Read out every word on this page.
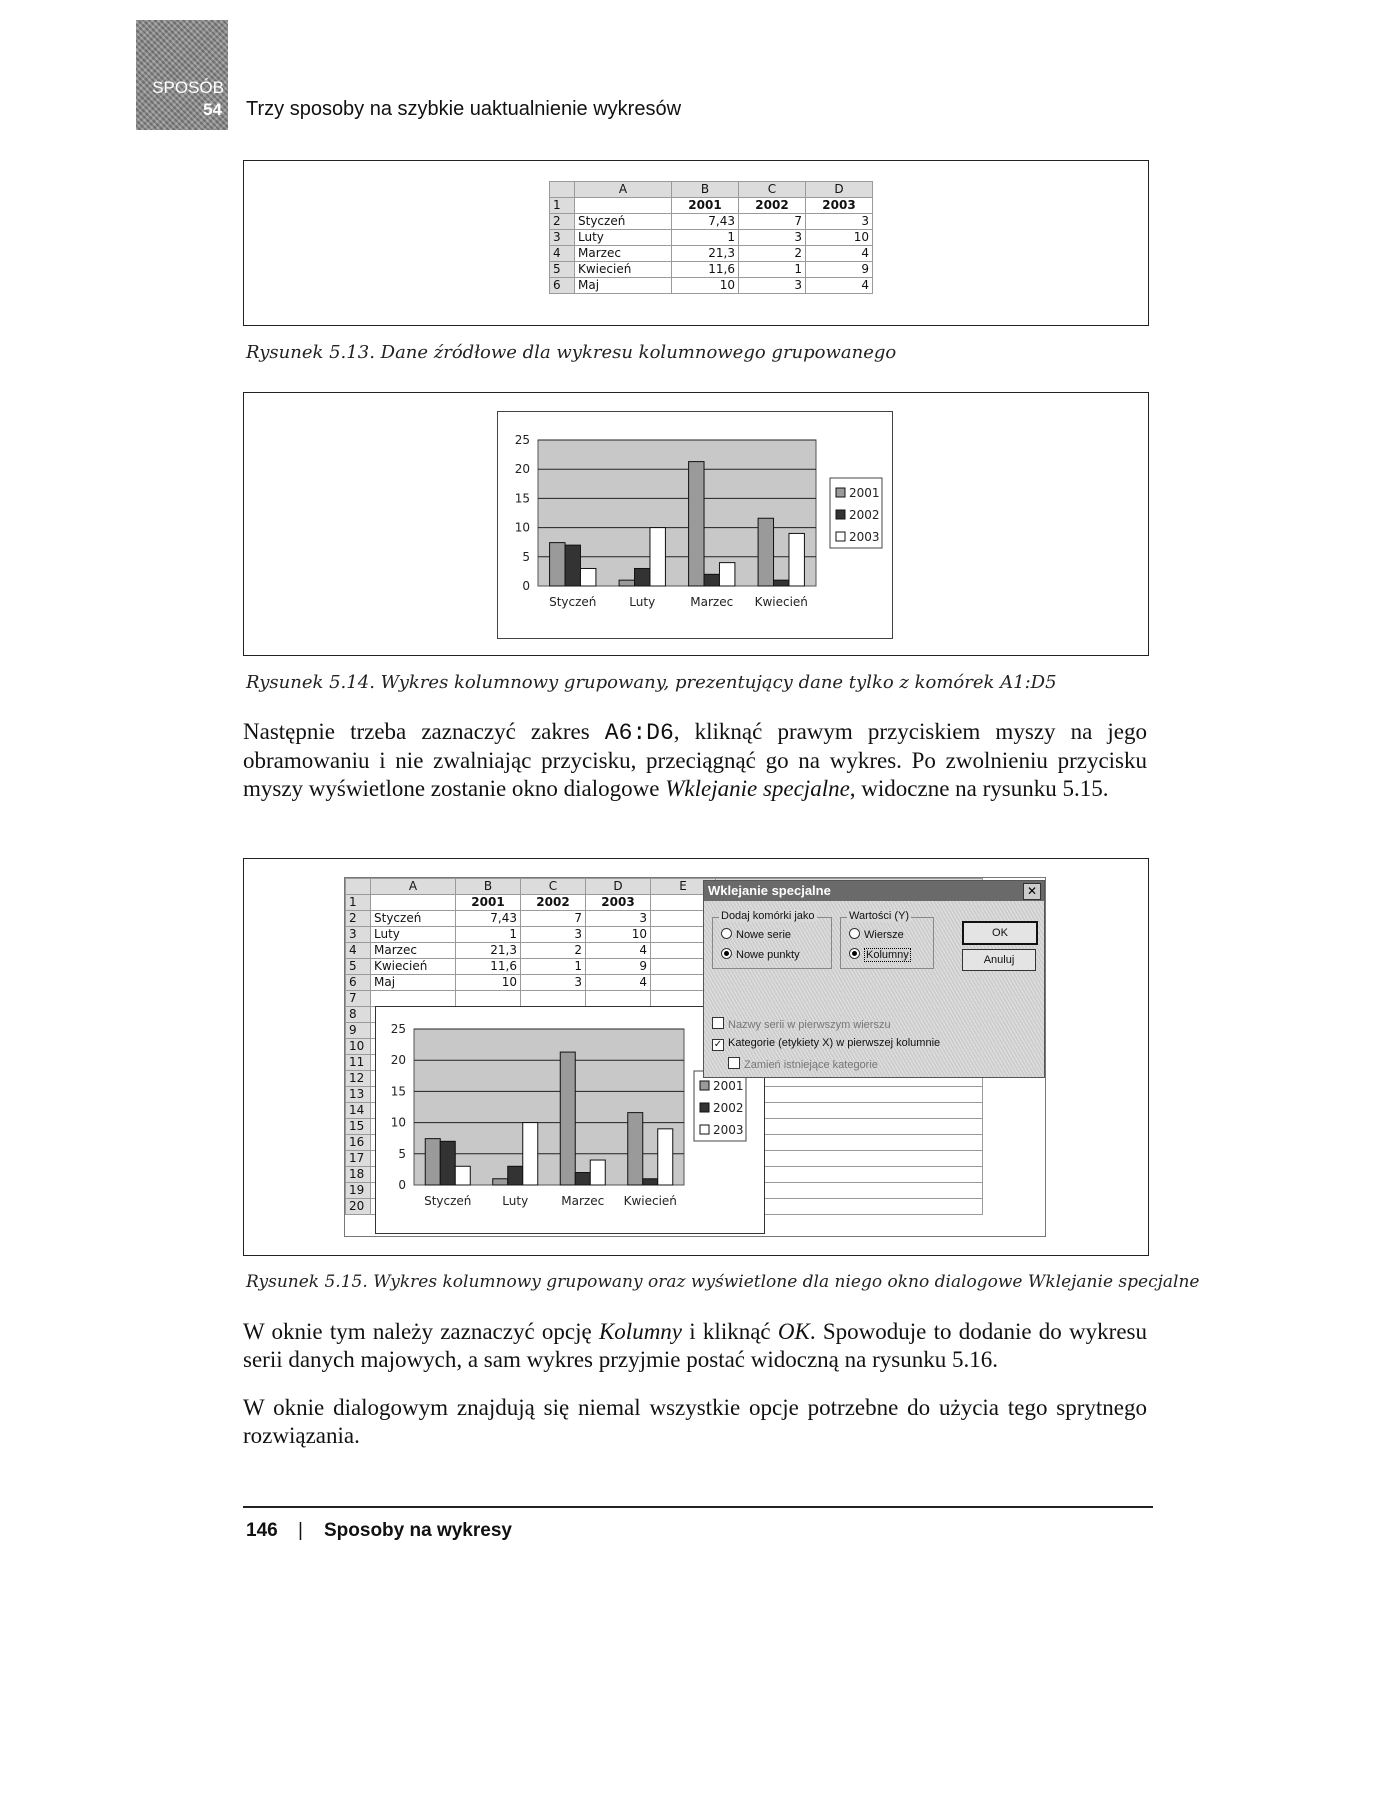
SPOSÓB
54 Trzy sposoby na szybkie uaktualnienie wykresów
	A	B	C	D
1		2001	2002	2003
2	Styczeń	7,43	7	3
3	Luty	1	3	10
4	Marzec	21,3	2	4
5	Kwiecień	11,6	1	9
6	Maj	10	3	4
Rysunek 5.13. Dane źródłowe dla wykresu kolumnowego grupowanego
0
5
10
15
20
25
Styczeń	Luty	Marzec Kwiecień
2001
2002
2003
Rysunek 5.14. Wykres kolumnowy grupowany, prezentujący dane tylko z komórek A1:D5
Następnie trzeba zaznaczyć zakres A6:D6, kliknąć prawym przyciskiem myszy na jego obramowaniu i nie zwalniając przycisku, przeciągnąć go na wykres. Po zwolnieniu przycisku myszy wyświetlone zostanie okno dialogowe Wklejanie specjalne, widoczne na rysunku 5.15.
	A	B	C	D	E	
1		2001	2002	2003		
2	Styczeń	7,43	7	3		
3	Luty	1	3	10		
4	Marzec	21,3	2	4		
5	Kwiecień	11,6	1	9		
6	Maj	10	3	4		
7						
8						
9						
10						
11						
12						
13						
14						
15						
16						
17						
18						
19						
20						
0
5
10
15
20
25
Styczeń	Luty	Marzec Kwiecień
2001
2002
2003
Wklejanie specjalne	✕
Dodaj komórki jako
Nowe serie
Nowe punkty
Wartości (Y)
Wiersze
Kolumny
OK
Anuluj
Nazwy serii w pierwszym wierszu
✓ Kategorie (etykiety X) w pierwszej kolumnie
Zamień istniejące kategorie
Rysunek 5.15. Wykres kolumnowy grupowany oraz wyświetlone dla niego okno dialogowe Wklejanie specjalne
W oknie tym należy zaznaczyć opcję Kolumny i kliknąć OK. Spowoduje to dodanie do wykresu serii danych majowych, a sam wykres przyjmie postać widoczną na rysunku 5.16.
W oknie dialogowym znajdują się niemal wszystkie opcje potrzebne do użycia tego sprytnego rozwiązania.
146 | Sposoby na wykresy
